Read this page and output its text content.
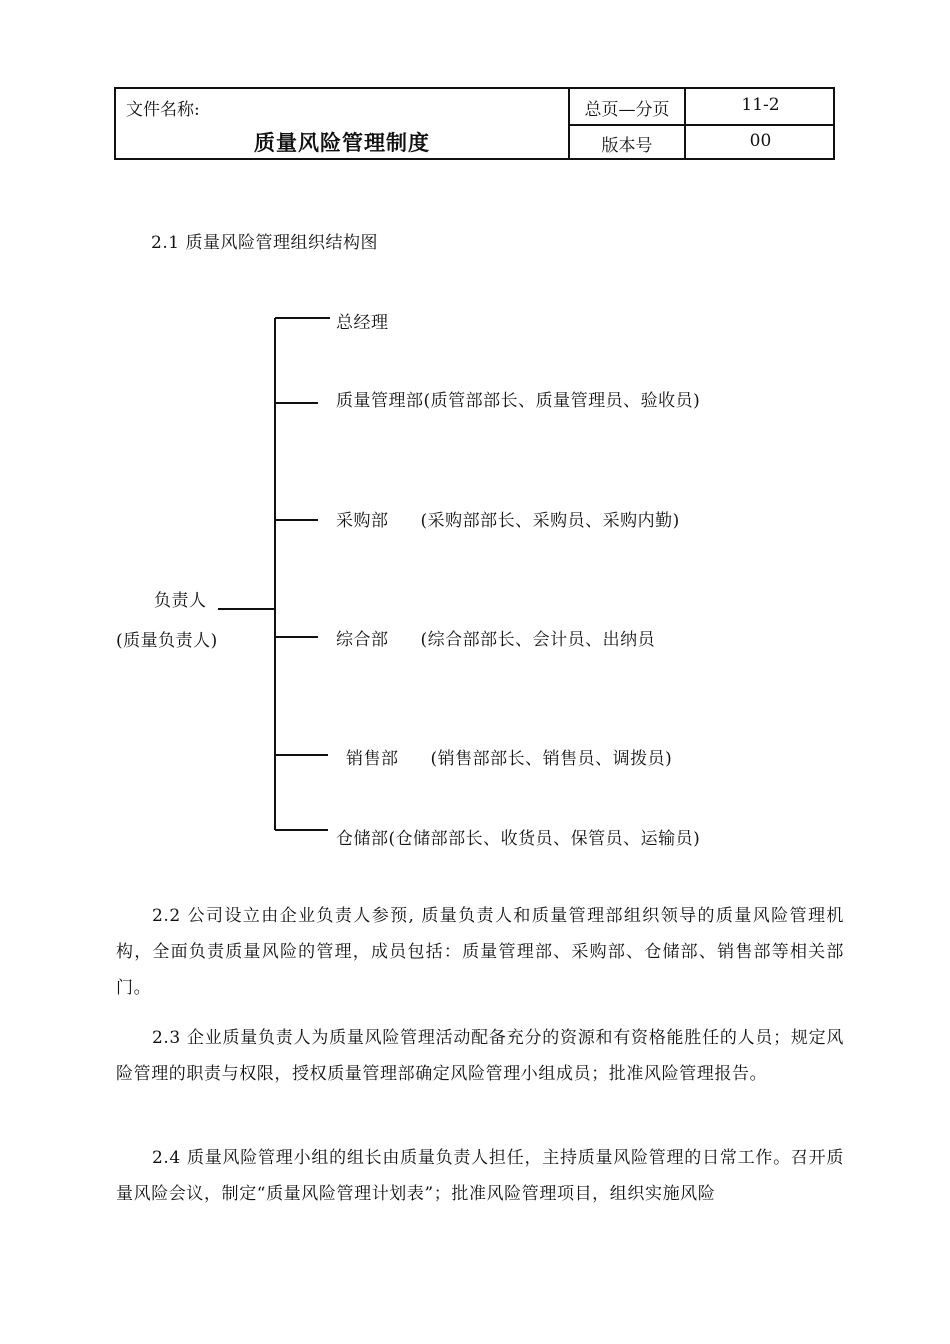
文件名称:
质量风险管理制度
总页—分页	11-2
版本号	00
2.1 质量风险管理组织结构图
负责人
(质量负责人)
总经理
质量管理部(质管部部长、质量管理员、验收员)
采购部 (采购部部长、采购员、采购内勤)
综合部 (综合部部长、会计员、出纳员
销售部 (销售部部长、销售员、调拨员)
仓储部(仓储部部长、收货员、保管员、运输员)

2.2 公司设立由企业负责人参预, 质量负责人和质量管理部组织领导的质量风险管理机构，全面负责质量风险的管理，成员包括：质量管理部、采购部、仓储部、销售部等相关部门。

2.3 企业质量负责人为质量风险管理活动配备充分的资源和有资格能胜任的人员；规定风险管理的职责与权限，授权质量管理部确定风险管理小组成员；批准风险管理报告。

2.4 质量风险管理小组的组长由质量负责人担任，主持质量风险管理的日常工作。召开质量风险会议，制定“质量风险管理计划表”；批准风险管理项目，组织实施风险
